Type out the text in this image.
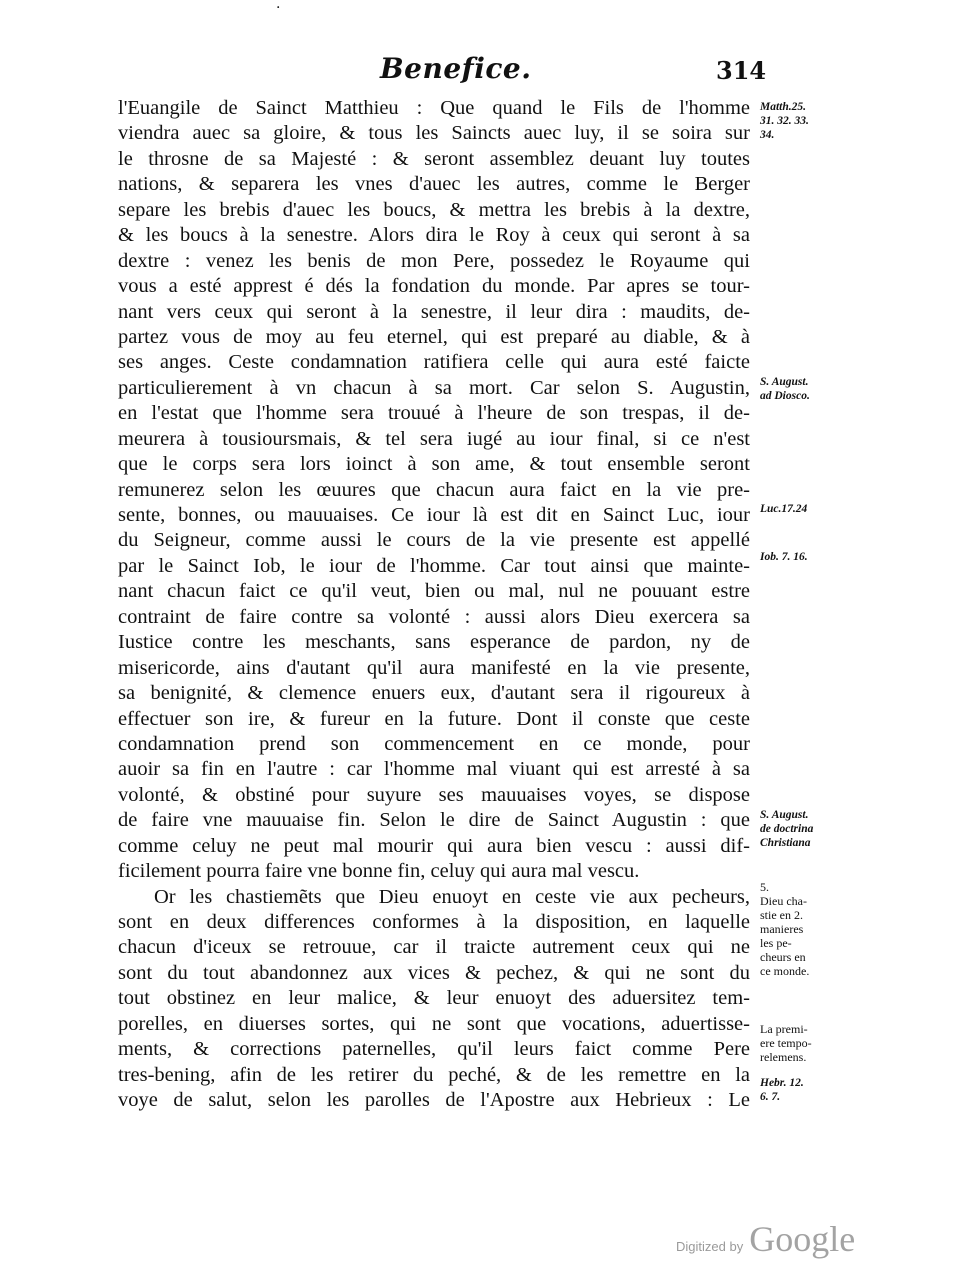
·
Benefice.	314
l'Euangile de Sainct Matthieu : Que quand le Fils de l'homme
viendra auec sa gloire, & tous les Saincts auec luy, il se soira sur
le throsne de sa Majesté : & seront assemblez deuant luy toutes
nations, & separera les vnes d'auec les autres, comme le Berger
separe les brebis d'auec les boucs, & mettra les brebis à la dextre,
& les boucs à la senestre. Alors dira le Roy à ceux qui seront à sa
dextre : venez les benis de mon Pere, possedez le Royaume qui
vous a esté apprest é dés la fondation du monde. Par apres se tour-
nant vers ceux qui seront à la senestre, il leur dira : maudits, de-
partez vous de moy au feu eternel, qui est preparé au diable, & à
ses anges. Ceste condamnation ratifiera celle qui aura esté faicte
particulierement à vn chacun à sa mort. Car selon S. Augustin,
en l'estat que l'homme sera trouué à l'heure de son trespas, il de-
meurera à tousioursmais, & tel sera iugé au iour final, si ce n'est
que le corps sera lors ioinct à son ame, & tout ensemble seront
remunerez selon les œuures que chacun aura faict en la vie pre-
sente, bonnes, ou mauuaises. Ce iour là est dit en Sainct Luc, iour
du Seigneur, comme aussi le cours de la vie presente est appellé
par le Sainct Iob, le iour de l'homme. Car tout ainsi que mainte-
nant chacun faict ce qu'il veut, bien ou mal, nul ne pouuant estre
contraint de faire contre sa volonté : aussi alors Dieu exercera sa
Iustice contre les meschants, sans esperance de pardon, ny de
misericorde, ains d'autant qu'il aura manifesté en la vie presente,
sa benignité, & clemence enuers eux, d'autant sera il rigoureux à
effectuer son ire, & fureur en la future. Dont il conste que ceste
condamnation prend son commencement en ce monde, pour
auoir sa fin en l'autre : car l'homme mal viuant qui est arresté à sa
volonté, & obstiné pour suyure ses mauuaises voyes, se dispose
de faire vne mauuaise fin. Selon le dire de Sainct Augustin : que
comme celuy ne peut mal mourir qui aura bien vescu : aussi dif-
ficilement pourra faire vne bonne fin, celuy qui aura mal vescu.
Or les chastiemẽts que Dieu enuoyt en ceste vie aux pecheurs,
sont en deux differences conformes à la disposition, en laquelle
chacun d'iceux se retrouue, car il traicte autrement ceux qui ne
sont du tout abandonnez aux vices & pechez, & qui ne sont du
tout obstinez en leur malice, & leur enuoyt des aduersitez tem-
porelles, en diuerses sortes, qui ne sont que vocations, aduertisse-
ments, & corrections paternelles, qu'il leurs faict comme Pere
tres-bening, afin de les retirer du peché, & de les remettre en la
voye de salut, selon les parolles de l'Apostre aux Hebrieux : Le
Matth.25.
31. 32. 33.
34.
S. August.
ad Dioscο.
Luc.17.24
Iob. 7. 16.
S. August.
de doctrina
Christiana
5.
Dieu cha-
stie en 2.
manieres
les pe-
cheurs en
ce monde.
La premi-
ere tempo-
relemens.
Hebr. 12.
6. 7.
Digitized by Google
